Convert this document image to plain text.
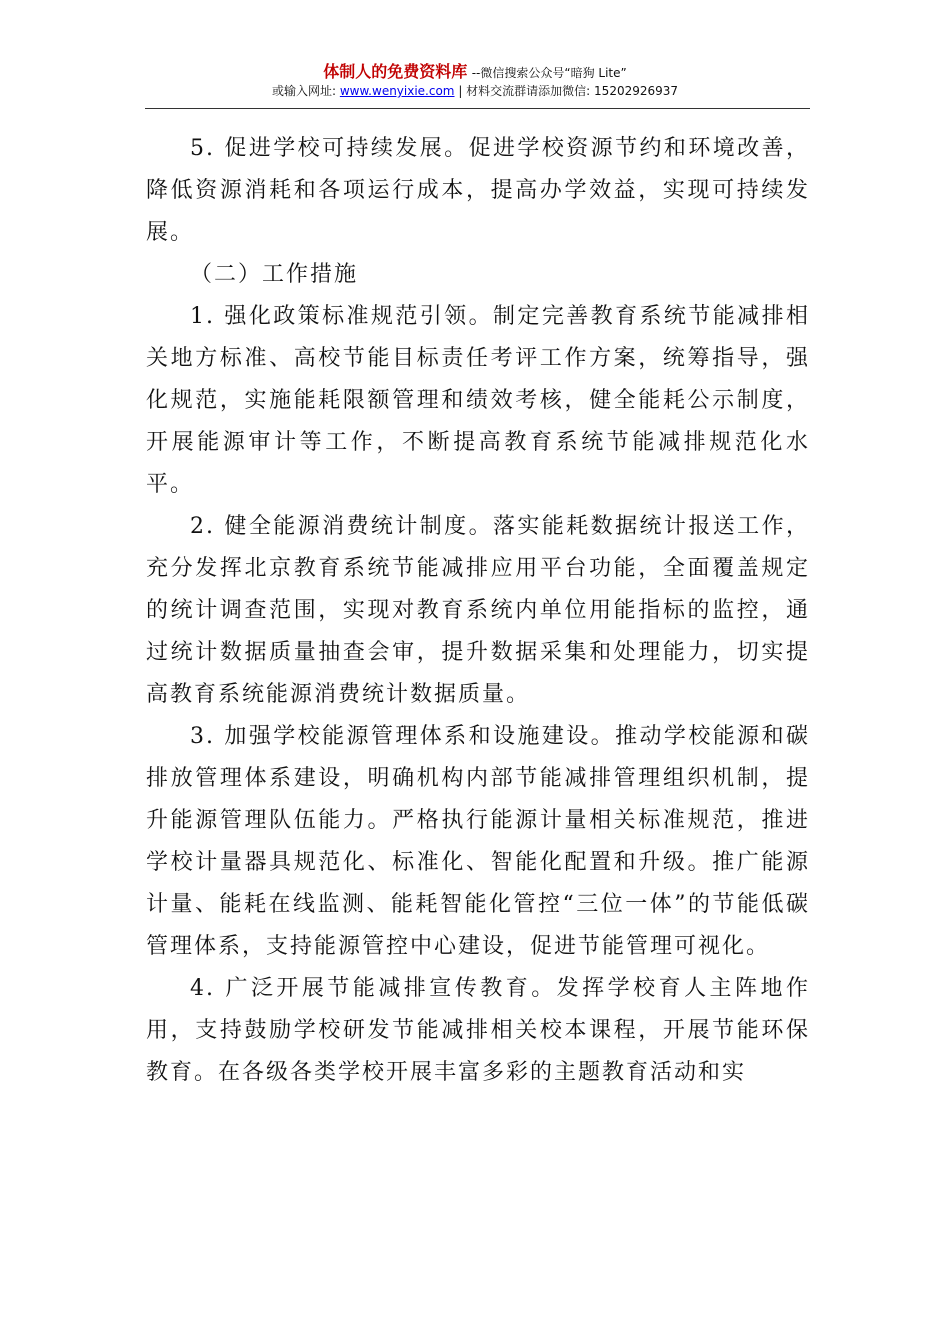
体制人的免费资料库 --微信搜索公众号“暗狗 Lite”
或输入网址: www.wenyixie.com | 材料交流群请添加微信: 15202926937

5. 促进学校可持续发展。促进学校资源节约和环境改善，降低资源消耗和各项运行成本，提高办学效益，实现可持续发展。

（二）工作措施

1. 强化政策标准规范引领。制定完善教育系统节能减排相关地方标准、高校节能目标责任考评工作方案，统筹指导，强化规范，实施能耗限额管理和绩效考核，健全能耗公示制度，开展能源审计等工作，不断提高教育系统节能减排规范化水平。

2. 健全能源消费统计制度。落实能耗数据统计报送工作，充分发挥北京教育系统节能减排应用平台功能，全面覆盖规定的统计调查范围，实现对教育系统内单位用能指标的监控，通过统计数据质量抽查会审，提升数据采集和处理能力，切实提高教育系统能源消费统计数据质量。

3. 加强学校能源管理体系和设施建设。推动学校能源和碳排放管理体系建设，明确机构内部节能减排管理组织机制，提升能源管理队伍能力。严格执行能源计量相关标准规范，推进学校计量器具规范化、标准化、智能化配置和升级。推广能源计量、能耗在线监测、能耗智能化管控“三位一体”的节能低碳管理体系，支持能源管控中心建设，促进节能管理可视化。

4. 广泛开展节能减排宣传教育。发挥学校育人主阵地作用，支持鼓励学校研发节能减排相关校本课程，开展节能环保教育。在各级各类学校开展丰富多彩的主题教育活动和实
